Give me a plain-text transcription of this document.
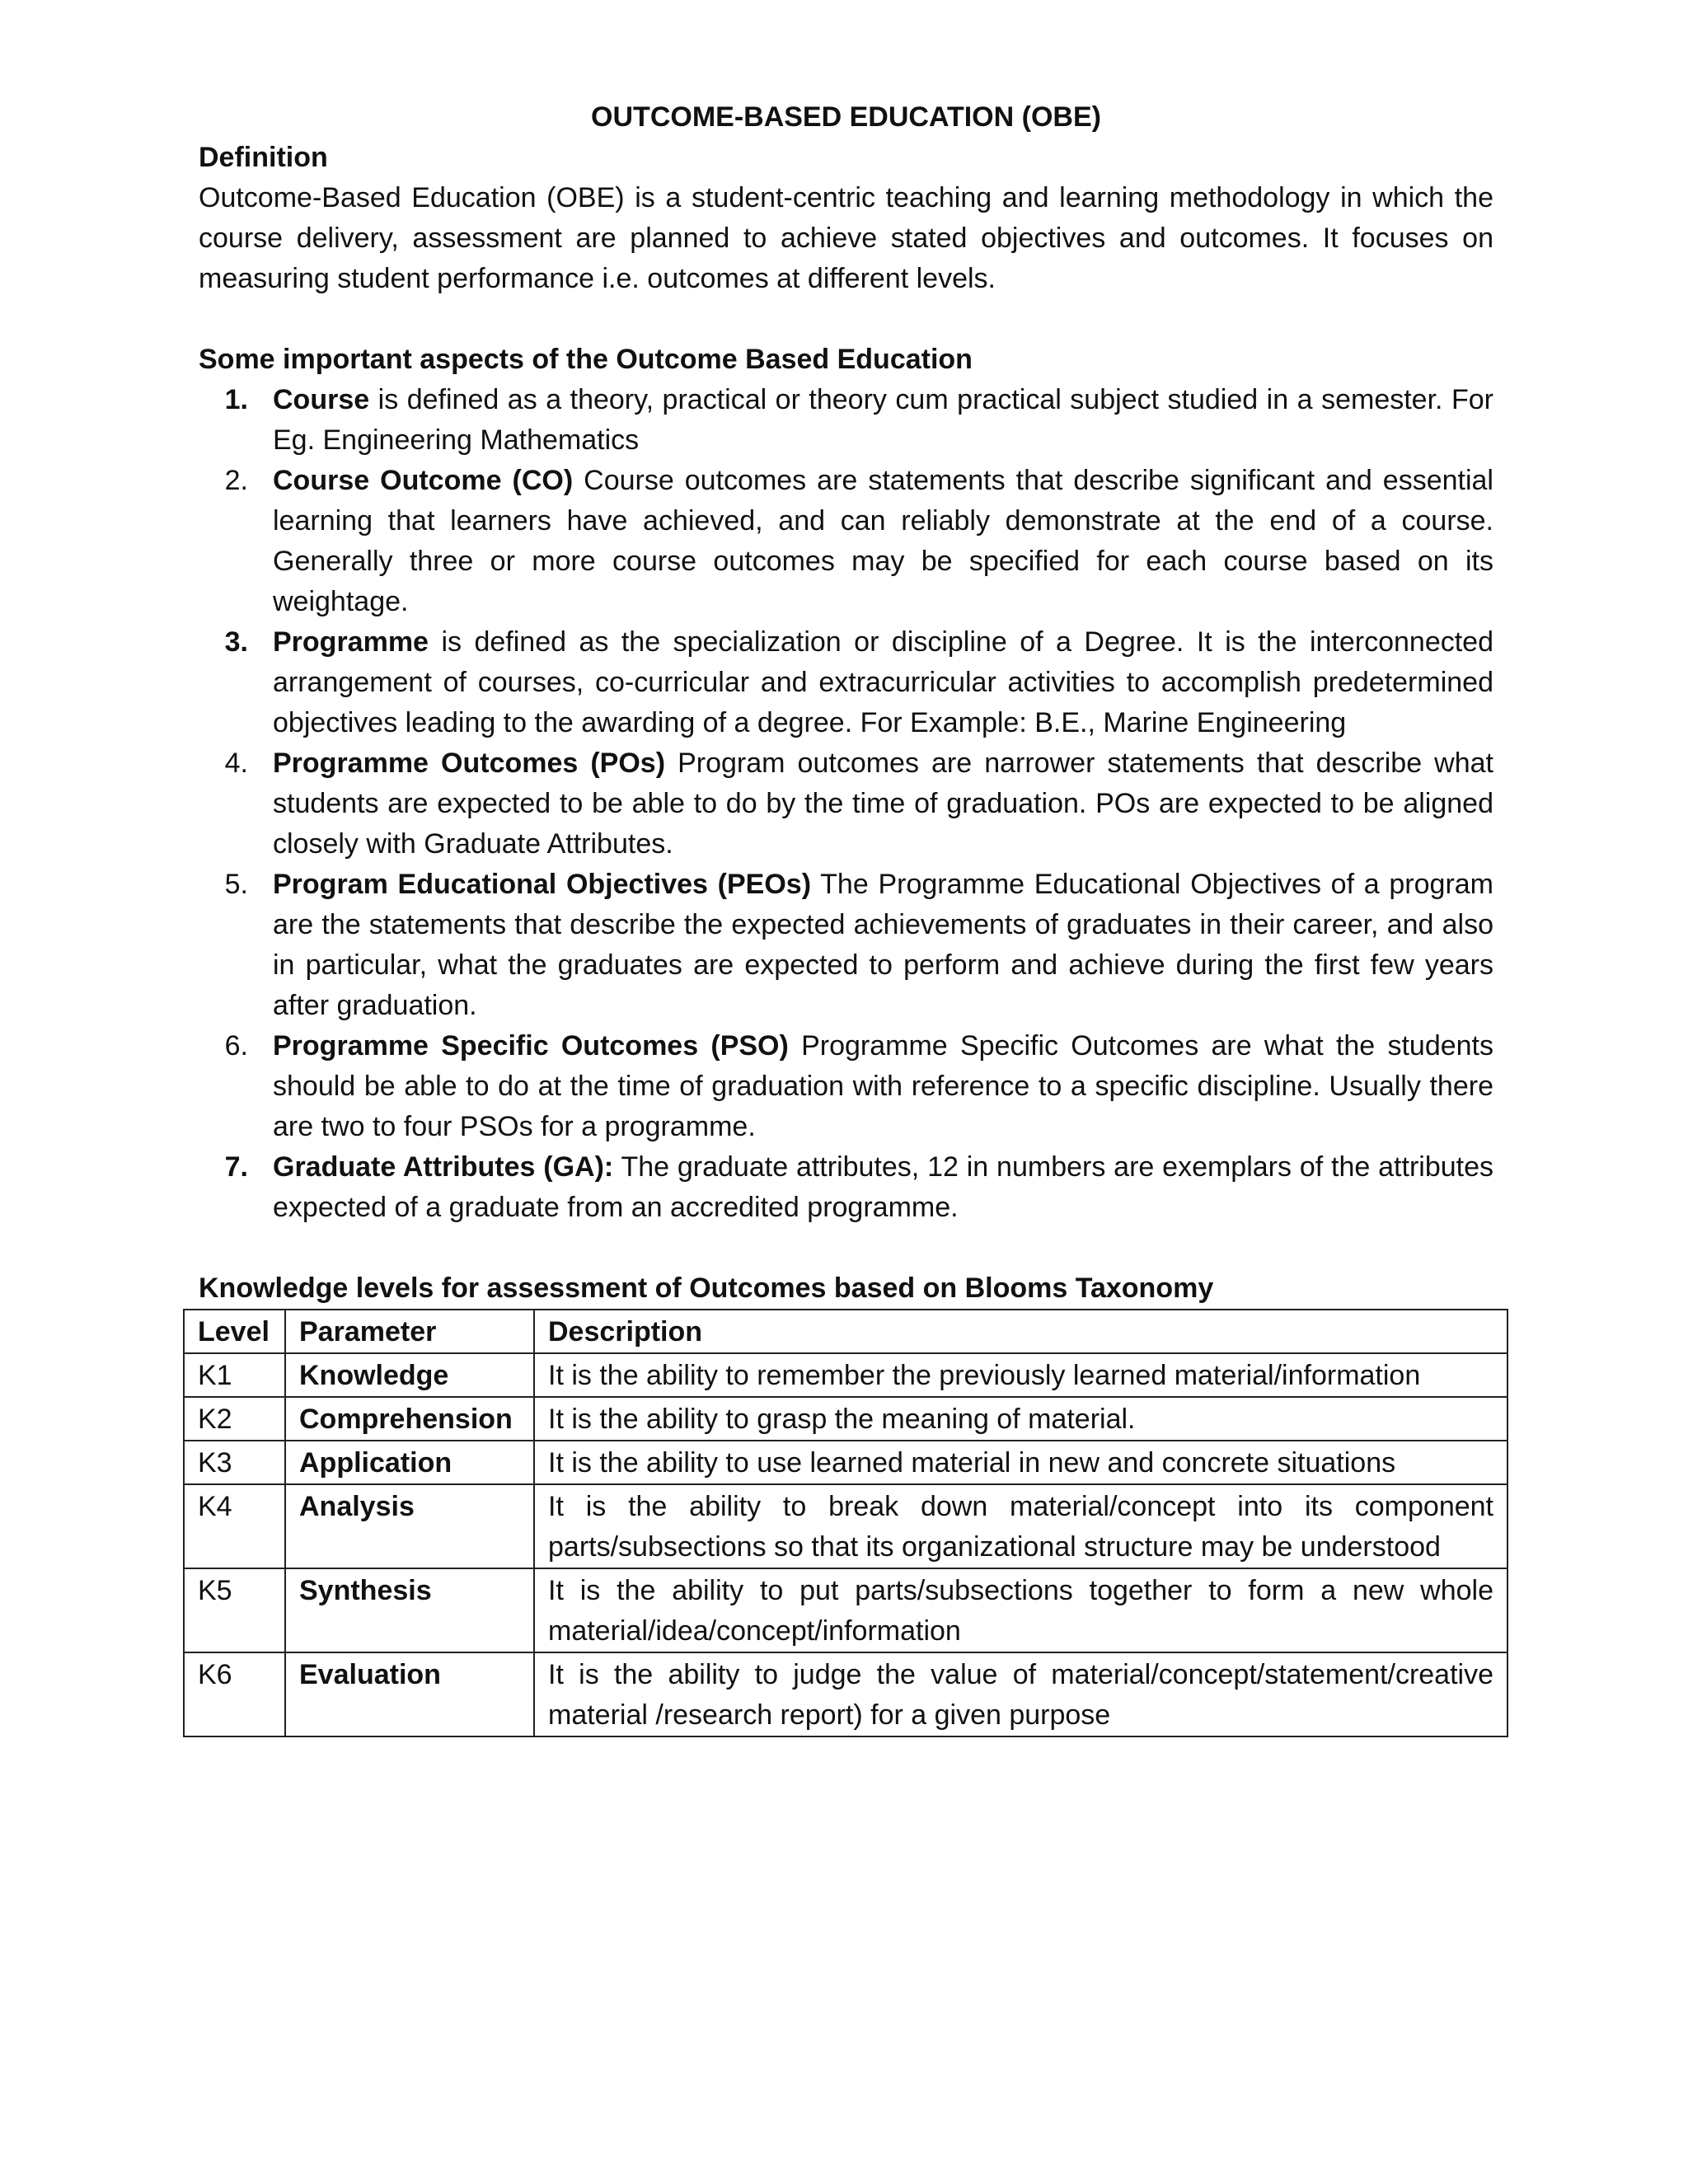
OUTCOME-BASED EDUCATION (OBE)

Definition

Outcome-Based Education (OBE) is a student-centric teaching and learning methodology in which the course delivery, assessment are planned to achieve stated objectives and outcomes. It focuses on measuring student performance i.e. outcomes at different levels.

Some important aspects of the Outcome Based Education

1. Course is defined as a theory, practical or theory cum practical subject studied in a semester. For Eg. Engineering Mathematics
2. Course Outcome (CO) Course outcomes are statements that describe significant and essential learning that learners have achieved, and can reliably demonstrate at the end of a course. Generally three or more course outcomes may be specified for each course based on its weightage.
3. Programme is defined as the specialization or discipline of a Degree. It is the interconnected arrangement of courses, co-curricular and extracurricular activities to accomplish predetermined objectives leading to the awarding of a degree. For Example: B.E., Marine Engineering
4. Programme Outcomes (POs) Program outcomes are narrower statements that describe what students are expected to be able to do by the time of graduation. POs are expected to be aligned closely with Graduate Attributes.
5. Program Educational Objectives (PEOs) The Programme Educational Objectives of a program are the statements that describe the expected achievements of graduates in their career, and also in particular, what the graduates are expected to perform and achieve during the first few years after graduation.
6. Programme Specific Outcomes (PSO) Programme Specific Outcomes are what the students should be able to do at the time of graduation with reference to a specific discipline. Usually there are two to four PSOs for a programme.
7. Graduate Attributes (GA): The graduate attributes, 12 in numbers are exemplars of the attributes expected of a graduate from an accredited programme.

Knowledge levels for assessment of Outcomes based on Blooms Taxonomy

Level	Parameter	Description
K1	Knowledge	It is the ability to remember the previously learned material/information
K2	Comprehension	It is the ability to grasp the meaning of material.
K3	Application	It is the ability to use learned material in new and concrete situations
K4	Analysis	It is the ability to break down material/concept into its component parts/subsections so that its organizational structure may be understood
K5	Synthesis	It is the ability to put parts/subsections together to form a new whole material/idea/concept/information
K6	Evaluation	It is the ability to judge the value of material/concept/statement/creative material /research report) for a given purpose
